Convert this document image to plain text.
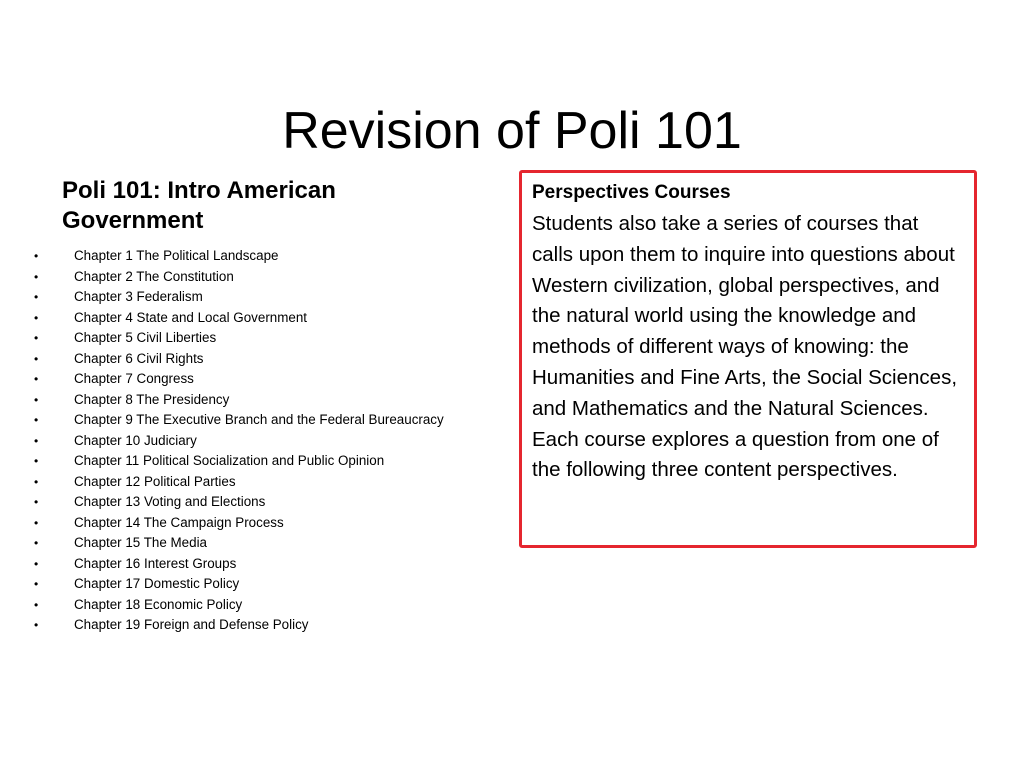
Revision of Poli 101
Poli 101: Intro American Government
•	Chapter 1 The Political Landscape
•	Chapter 2 The Constitution
•	Chapter 3 Federalism
•	Chapter 4 State and Local Government
•	Chapter 5 Civil Liberties
•	Chapter 6 Civil Rights
•	Chapter 7 Congress
•	Chapter 8 The Presidency
•	Chapter 9 The Executive Branch and the Federal Bureaucracy
•	Chapter 10 Judiciary
•	Chapter 11 Political Socialization and Public Opinion
•	Chapter 12 Political Parties
•	Chapter 13 Voting and Elections
•	Chapter 14 The Campaign Process
•	Chapter 15 The Media
•	Chapter 16 Interest Groups
•	Chapter 17 Domestic Policy
•	Chapter 18 Economic Policy
•	Chapter 19 Foreign and Defense Policy

Perspectives Courses

Students also take a series of courses that calls upon them to inquire into questions about Western civilization, global perspectives, and the natural world using the knowledge and methods of different ways of knowing: the Humanities and Fine Arts, the Social Sciences, and Mathematics and the Natural Sciences. Each course explores a question from one of the following three content perspectives.
